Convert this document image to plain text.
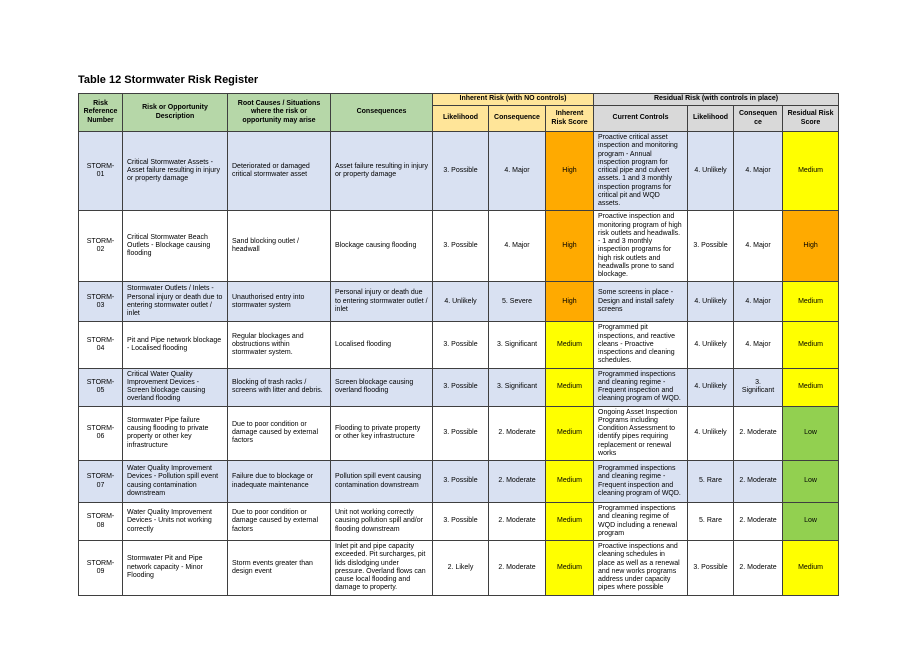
Table 12 Stormwater Risk Register
Risk Reference Number	Risk or Opportunity Description	Root Causes / Situations where the risk or opportunity may arise	Consequences	Inherent Risk (with NO controls)			Residual Risk (with controls in place)			
				Likelihood	Consequence	Inherent Risk Score	Current Controls	Likelihood	Consequence	Residual Risk Score
STORM-01	Critical Stormwater Assets - Asset failure resulting in injury or property damage	Deteriorated or damaged critical stormwater asset	Asset failure resulting in injury or property damage	3. Possible	4. Major	High	Proactive critical asset inspection and monitoring program - Annual inspection program for critical pipe and culvert assets. 1 and 3 monthly inspection programs for critical pit and WQD assets.	4. Unlikely	4. Major	Medium
STORM-02	Critical Stormwater Beach Outlets - Blockage causing flooding	Sand blocking outlet / headwall	Blockage causing flooding	3. Possible	4. Major	High	Proactive inspection and monitoring program of high risk outlets and headwalls. - 1 and 3 monthly inspection programs for high risk outlets and headwalls prone to sand blockage.	3. Possible	4. Major	High
STORM-03	Stormwater Outlets / Inlets - Personal injury or death due to entering stormwater outlet / inlet	Unauthorised entry into stormwater system	Personal injury or death due to entering stormwater outlet / inlet	4. Unlikely	5. Severe	High	Some screens in place - Design and install safety screens	4. Unlikely	4. Major	Medium
STORM-04	Pit and Pipe network blockage - Localised flooding	Regular blockages and obstructions within stormwater system.	Localised flooding	3. Possible	3. Significant	Medium	Programmed pit inspections, and reactive cleans - Proactive inspections and cleaning schedules.	4. Unlikely	4. Major	Medium
STORM-05	Critical Water Quality Improvement Devices - Screen blockage causing overland flooding	Blocking of trash racks / screens with litter and debris.	Screen blockage causing overland flooding	3. Possible	3. Significant	Medium	Programmed inspections and cleaning regime - Frequent inspection and cleaning program of WQD.	4. Unlikely	3. Significant	Medium
STORM-06	Stormwater Pipe failure causing flooding to private property or other key infrastructure	Due to poor condition or damage caused by external factors	Flooding to private property or other key infrastructure	3. Possible	2. Moderate	Medium	Ongoing Asset Inspection Programs including Condition Assessment to identify pipes requiring replacement or renewal works	4. Unlikely	2. Moderate	Low
STORM-07	Water Quality Improvement Devices - Pollution spill event causing contamination downstream	Failure due to blockage or inadequate maintenance	Pollution spill event causing contamination downstream	3. Possible	2. Moderate	Medium	Programmed inspections and cleaning regime - Frequent inspection and cleaning program of WQD.	5. Rare	2. Moderate	Low
STORM-08	Water Quality Improvement Devices - Units not working correctly	Due to poor condition or damage caused by external factors	Unit not working correctly causing pollution spill and/or flooding downstream	3. Possible	2. Moderate	Medium	Programmed inspections and cleaning regime of WQD including a renewal program	5. Rare	2. Moderate	Low
STORM-09	Stormwater Pit and Pipe network capacity - Minor Flooding	Storm events greater than design event	Inlet pit and pipe capacity exceeded. Pit surcharges, pit lids dislodging under pressure. Overland flows can cause local flooding and damage to property.	2. Likely	2. Moderate	Medium	Proactive inspections and cleaning schedules in place as well as a renewal and new works programs address under capacity pipes where possible	3. Possible	2. Moderate	Medium
